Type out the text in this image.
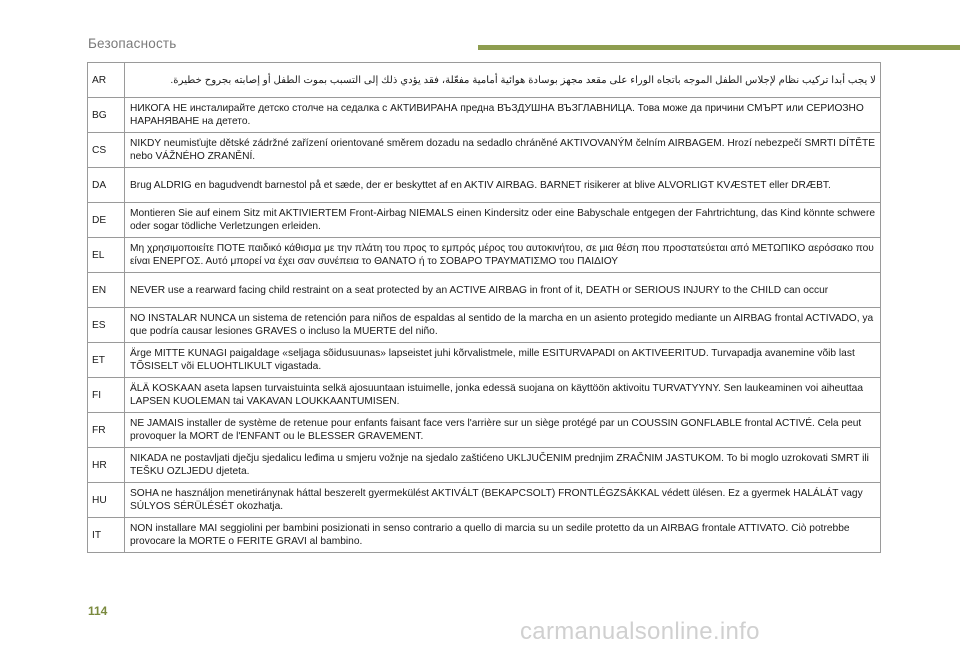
Безопасность
AR	لا يجب أبدا تركيب نظام لإجلاس الطفل الموجه باتجاه الوراء على مقعد مجهز بوسادة هوائية أمامية مفعّلة، فقد يؤدي ذلك إلى التسبب بموت الطفل أو إصابته بجروح خطيرة.
BG	НИКОГА НЕ инсталирайте детско столче на седалка с АКТИВИРАНА предна ВЪЗДУШНА ВЪЗГЛАВНИЦА. Това може да причини СМЪРТ или СЕРИОЗНО НАРАНЯВАНЕ на детето.
CS	NIKDY neumisťujte dětské zádržné zařízení orientované směrem dozadu na sedadlo chráněné AKTIVOVANÝM čelním AIRBAGEM. Hrozí nebezpečí SMRTI DÍTĚTE nebo VÁŽNÉHO ZRANĚNÍ.
DA	Brug ALDRIG en bagudvendt barnestol på et sæde, der er beskyttet af en AKTIV AIRBAG. BARNET risikerer at blive ALVORLIGT KVÆSTET eller DRÆBT.
DE	Montieren Sie auf einem Sitz mit AKTIVIERTEM Front-Airbag NIEMALS einen Kindersitz oder eine Babyschale entgegen der Fahrtrichtung, das Kind könnte schwere oder sogar tödliche Verletzungen erleiden.
EL	Μη χρησιμοποιείτε ΠΟΤΕ παιδικό κάθισμα με την πλάτη του προς το εμπρός μέρος του αυτοκινήτου, σε μια θέση που προστατεύεται από ΜΕΤΩΠΙΚΟ αερόσακο που είναι ΕΝΕΡΓΟΣ. Αυτό μπορεί να έχει σαν συνέπεια το ΘΑΝΑΤΟ ή το ΣΟΒΑΡΟ ΤΡΑΥΜΑΤΙΣΜΟ του ΠΑΙΔΙΟΥ
EN	NEVER use a rearward facing child restraint on a seat protected by an ACTIVE AIRBAG in front of it, DEATH or SERIOUS INJURY to the CHILD can occur
ES	NO INSTALAR NUNCA un sistema de retención para niños de espaldas al sentido de la marcha en un asiento protegido mediante un AIRBAG frontal ACTIVADO, ya que podría causar lesiones GRAVES o incluso la MUERTE del niño.
ET	Ärge MITTE KUNAGI paigaldage «seljaga sõidusuunas» lapseistet juhi kõrvalistmele, mille ESITURVAPADI on AKTIVEERITUD. Turvapadja avanemine võib last TÕSISELT või ELUOHTLIKULT vigastada.
FI	ÄLÄ KOSKAAN aseta lapsen turvaistuinta selkä ajosuuntaan istuimelle, jonka edessä suojana on käyttöön aktivoitu TURVATYYNY. Sen laukeaminen voi aiheuttaa LAPSEN KUOLEMAN tai VAKAVAN LOUKKAANTUMISEN.
FR	NE JAMAIS installer de système de retenue pour enfants faisant face vers l'arrière sur un siège protégé par un COUSSIN GONFLABLE frontal ACTIVÉ. Cela peut provoquer la MORT de l'ENFANT ou le BLESSER GRAVEMENT.
HR	NIKADA ne postavljati dječju sjedalicu leđima u smjeru vožnje na sjedalo zaštićeno UKLJUČENIM prednjim ZRAČNIM JASTUKOM. To bi moglo uzrokovati SMRT ili TEŠKU OZLJEDU djeteta.
HU	SOHA ne használjon menetiránynak háttal beszerelt gyermekülést AKTIVÁLT (BEKAPCSOLT) FRONTLÉGZSÁKKAL védett ülésen. Ez a gyermek HALÁLÁT vagy SÚLYOS SÉRÜLÉSÉT okozhatja.
IT	NON installare MAI seggiolini per bambini posizionati in senso contrario a quello di marcia su un sedile protetto da un AIRBAG frontale ATTIVATO. Ciò potrebbe provocare la MORTE o FERITE GRAVI al bambino.
114
carmanualsonline.info
